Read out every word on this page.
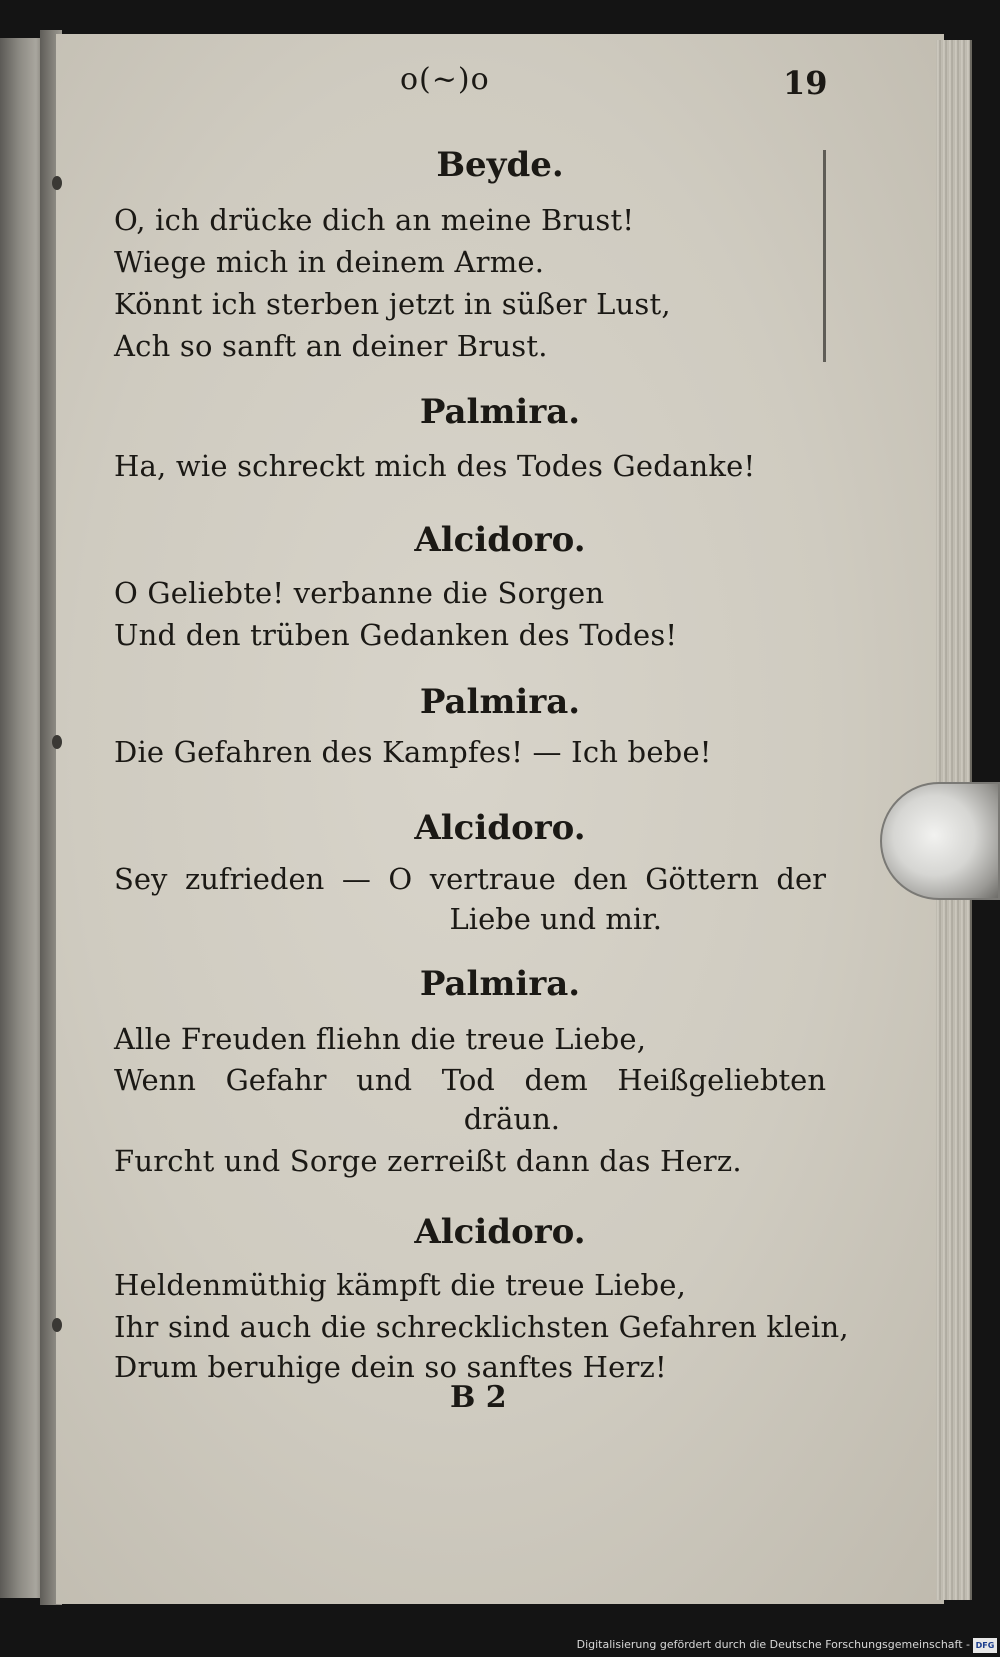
o(~)o	19
Beyde.
O, ich drücke dich an meine Brust!
Wiege mich in deinem Arme.
Könnt ich sterben jetzt in süßer Lust,
Ach so sanft an deiner Brust.
Palmira.
Ha, wie schreckt mich des Todes Gedanke!
Alcidoro.
O Geliebte! verbanne die Sorgen
Und den trüben Gedanken des Todes!
Palmira.
Die Gefahren des Kampfes! — Ich bebe!
Alcidoro.
Sey zufrieden — O vertraue den Göttern der
Liebe und mir.
Palmira.
Alle Freuden fliehn die treue Liebe,
Wenn Gefahr und Tod dem Heißgeliebten
dräun.
Furcht und Sorge zerreißt dann das Herz.
Alcidoro.
Heldenmüthig kämpft die treue Liebe,
Ihr sind auch die schrecklichsten Gefahren klein,
Drum beruhige dein so sanftes Herz!
B 2
Digitalisierung gefördert durch die Deutsche Forschungsgemeinschaft - DFG
